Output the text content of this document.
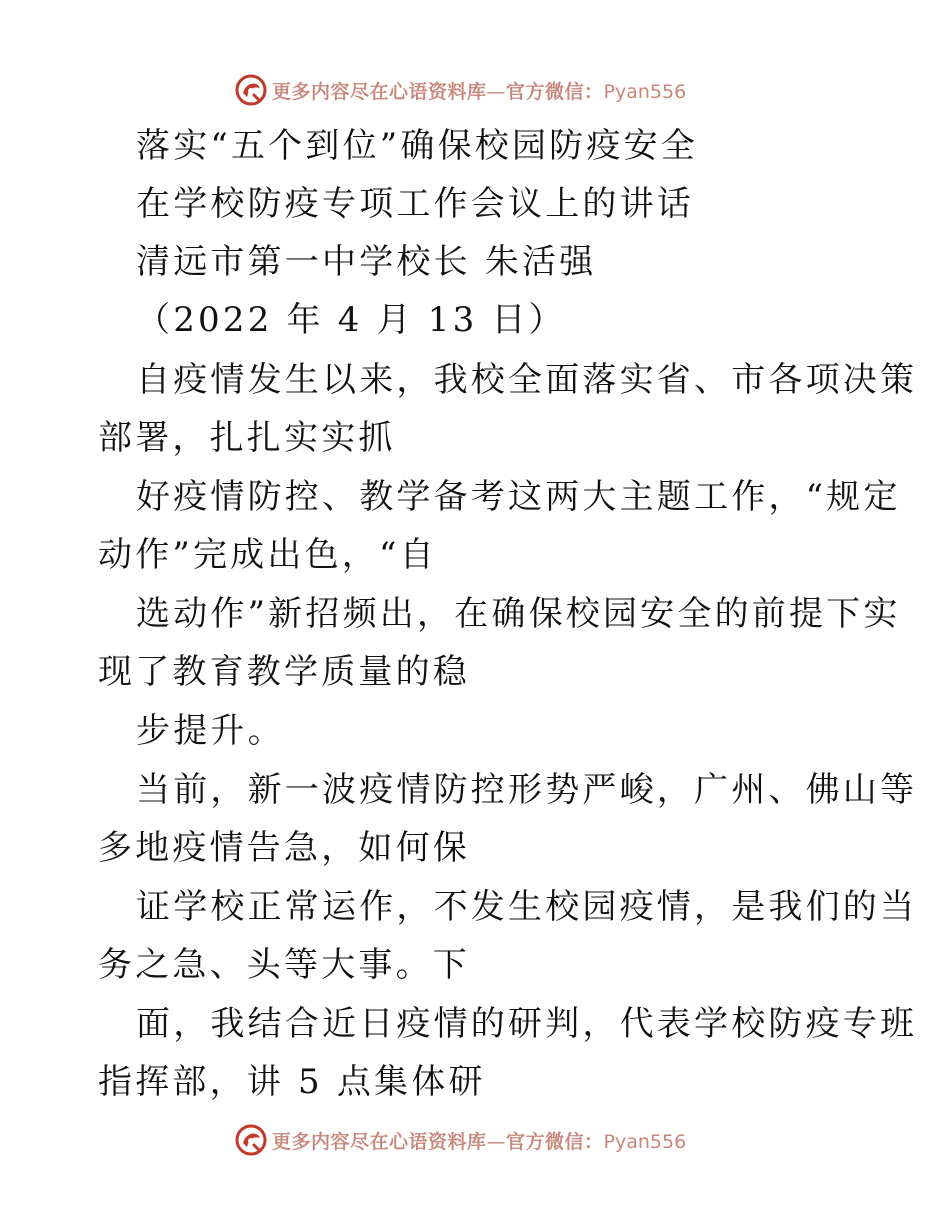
更多内容尽在心语资料库—官方微信：Pyan556
落实“五个到位”确保校园防疫安全
在学校防疫专项工作会议上的讲话
清远市第一中学校长 朱活强
（2022 年 4 月 13 日）
自疫情发生以来，我校全面落实省、市各项决策
部署，扎扎实实抓
好疫情防控、教学备考这两大主题工作，“规定
动作”完成出色，“自
选动作”新招频出，在确保校园安全的前提下实
现了教育教学质量的稳
步提升。
当前，新一波疫情防控形势严峻，广州、佛山等
多地疫情告急，如何保
证学校正常运作，不发生校园疫情，是我们的当
务之急、头等大事。下
面，我结合近日疫情的研判，代表学校防疫专班
指挥部，讲 5 点集体研
更多内容尽在心语资料库—官方微信：Pyan556
